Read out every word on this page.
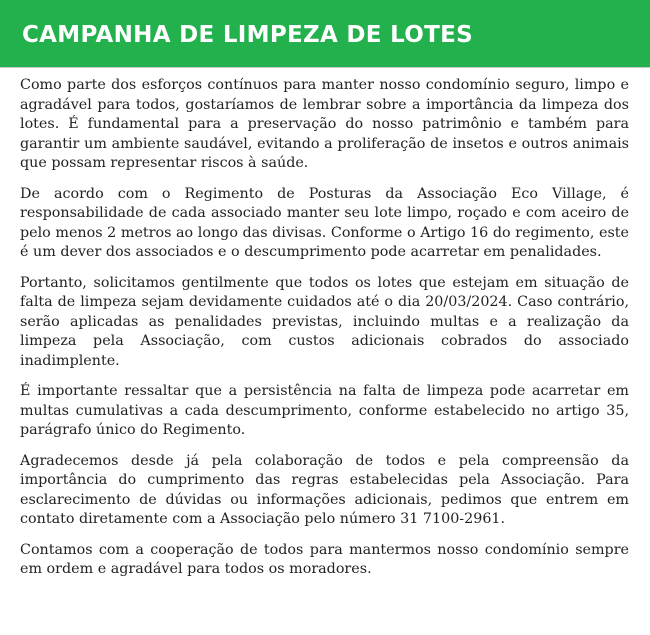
CAMPANHA DE LIMPEZA DE LOTES

Como parte dos esforços contínuos para manter nosso condomínio seguro, limpo e agradável para todos, gostaríamos de lembrar sobre a importância da limpeza dos lotes. É fundamental para a preservação do nosso patrimônio e também para garantir um ambiente saudável, evitando a proliferação de insetos e outros animais que possam representar riscos à saúde.

De acordo com o Regimento de Posturas da Associação Eco Village, é responsabilidade de cada associado manter seu lote limpo, roçado e com aceiro de pelo menos 2 metros ao longo das divisas. Conforme o Artigo 16 do regimento, este é um dever dos associados e o descumprimento pode acarretar em penalidades.

Portanto, solicitamos gentilmente que todos os lotes que estejam em situação de falta de limpeza sejam devidamente cuidados até o dia 20/03/2024. Caso contrário, serão aplicadas as penalidades previstas, incluindo multas e a realização da limpeza pela Associação, com custos adicionais cobrados do associado inadimplente.

É importante ressaltar que a persistência na falta de limpeza pode acarretar em multas cumulativas a cada descumprimento, conforme estabelecido no artigo 35, parágrafo único do Regimento.

Agradecemos desde já pela colaboração de todos e pela compreensão da importância do cumprimento das regras estabelecidas pela Associação. Para esclarecimento de dúvidas ou informações adicionais, pedimos que entrem em contato diretamente com a Associação pelo número 31 7100-2961.

Contamos com a cooperação de todos para mantermos nosso condomínio sempre em ordem e agradável para todos os moradores.
